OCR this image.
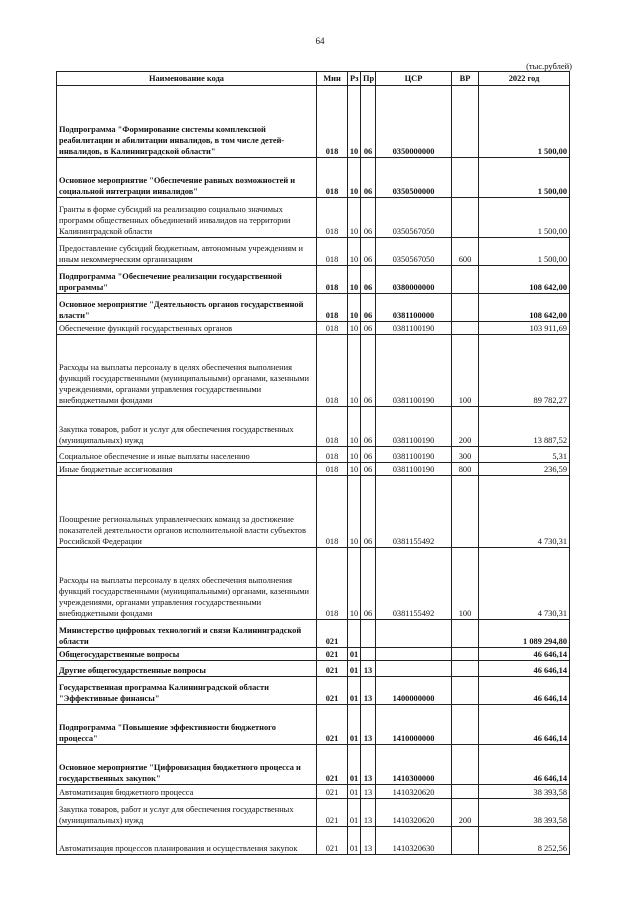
64
(тыс.рублей)
Наименование кода	Мин	Рз	Пр	ЦСР	ВР	2022 год
Подпрограмма "Формирование системы комплексной реабилитации и абилитации инвалидов, в том числе детей-инвалидов, в Калининградской области"	018	10	06	0350000000		1 500,00
Основное мероприятие "Обеспечение равных возможностей и социальной интеграции инвалидов"	018	10	06	0350500000		1 500,00
Гранты в форме субсидий на реализацию социально значимых программ общественных объединений инвалидов на территории Калининградской области	018	10	06	0350567050		1 500,00
Предоставление субсидий бюджетным, автономным учреждениям и иным некоммерческим организациям	018	10	06	0350567050	600	1 500,00
Подпрограмма "Обеспечение реализации государственной программы"	018	10	06	0380000000		108 642,00
Основное мероприятие "Деятельность органов государственной власти"	018	10	06	0381100000		108 642,00
Обеспечение функций государственных органов	018	10	06	0381100190		103 911,69
Расходы на выплаты персоналу в целях обеспечения выполнения функций государственными (муниципальными) органами, казенными учреждениями, органами управления государственными внебюджетными фондами	018	10	06	0381100190	100	89 782,27
Закупка товаров, работ и услуг для обеспечения государственных (муниципальных) нужд	018	10	06	0381100190	200	13 887,52
Социальное обеспечение и иные выплаты населению	018	10	06	0381100190	300	5,31
Иные бюджетные ассигнования	018	10	06	0381100190	800	236,59
Поощрение региональных управленческих команд за достижение показателей деятельности органов исполнительной власти субъектов Российской Федерации	018	10	06	0381155492		4 730,31
Расходы на выплаты персоналу в целях обеспечения выполнения функций государственными (муниципальными) органами, казенными учреждениями, органами управления государственными внебюджетными фондами	018	10	06	0381155492	100	4 730,31
Министерство цифровых технологий и связи Калининградской области	021					1 089 294,80
Общегосударственные вопросы	021	01				46 646,14
Другие общегосударственные вопросы	021	01	13			46 646,14
Государственная программа Калининградской области "Эффективные финансы"	021	01	13	1400000000		46 646,14
Подпрограмма "Повышение эффективности бюджетного процесса"	021	01	13	1410000000		46 646,14
Основное мероприятие "Цифровизация бюджетного процесса и государственных закупок"	021	01	13	1410300000		46 646,14
Автоматизация бюджетного процесса	021	01	13	1410320620		38 393,58
Закупка товаров, работ и услуг для обеспечения государственных (муниципальных) нужд	021	01	13	1410320620	200	38 393,58
Автоматизация процессов планирования и осуществления закупок	021	01	13	1410320630		8 252,56
